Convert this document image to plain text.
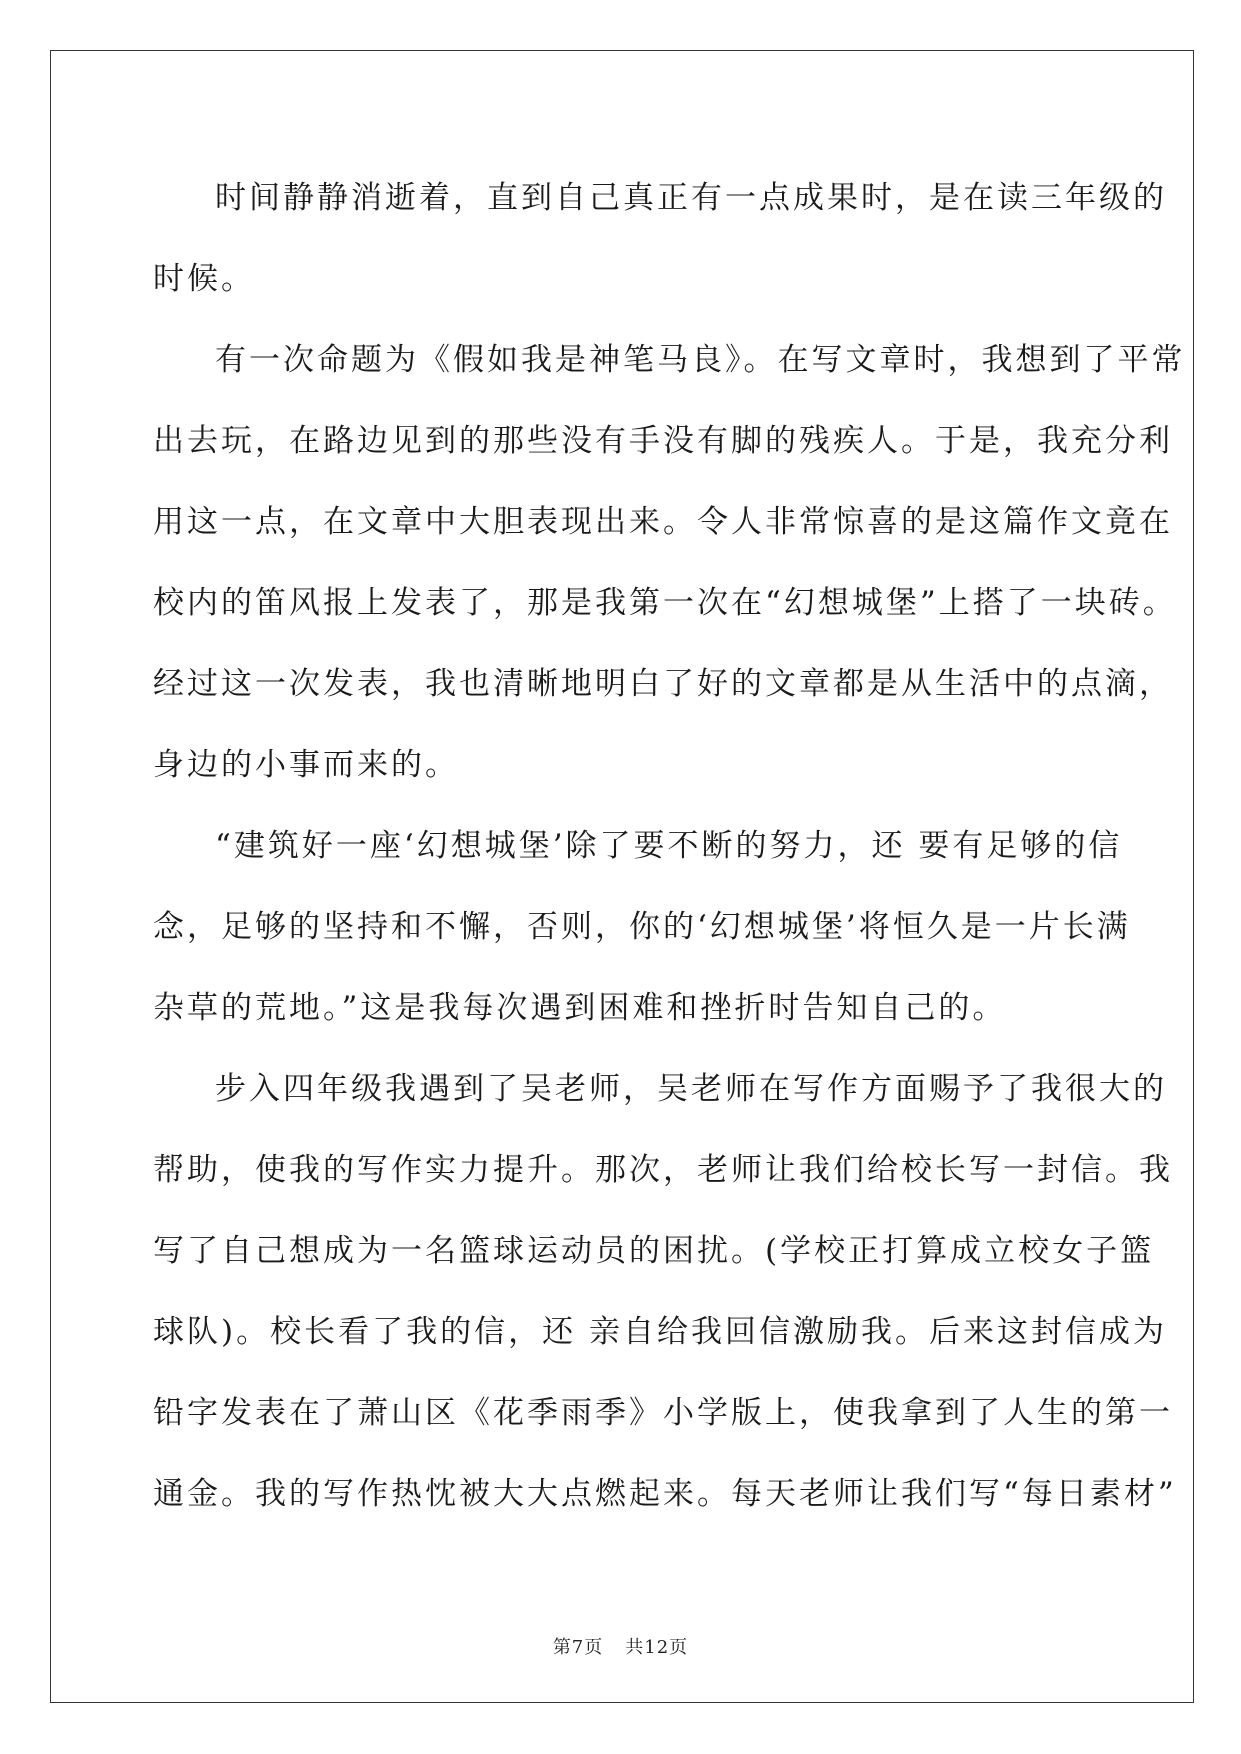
时间静静消逝着，直到自己真正有一点成果时，是在读三年级的
时候。
有一次命题为《假如我是神笔马良》。在写文章时，我想到了平常
出去玩，在路边见到的那些没有手没有脚的残疾人。于是，我充分利
用这一点，在文章中大胆表现出来。令人非常惊喜的是这篇作文竟在
校内的笛风报上发表了，那是我第一次在“幻想城堡”上搭了一块砖。
经过这一次发表，我也清晰地明白了好的文章都是从生活中的点滴，
身边的小事而来的。
“建筑好一座‘幻想城堡’除了要不断的努力，还 要有足够的信
念，足够的坚持和不懈，否则，你的‘幻想城堡’将恒久是一片长满
杂草的荒地。”这是我每次遇到困难和挫折时告知自己的。
步入四年级我遇到了吴老师，吴老师在写作方面赐予了我很大的
帮助，使我的写作实力提升。那次，老师让我们给校长写一封信。我
写了自己想成为一名篮球运动员的困扰。(学校正打算成立校女子篮
球队)。校长看了我的信，还 亲自给我回信激励我。后来这封信成为
铅字发表在了萧山区《花季雨季》小学版上，使我拿到了人生的第一
通金。我的写作热忱被大大点燃起来。每天老师让我们写“每日素材”
第7页 共12页
